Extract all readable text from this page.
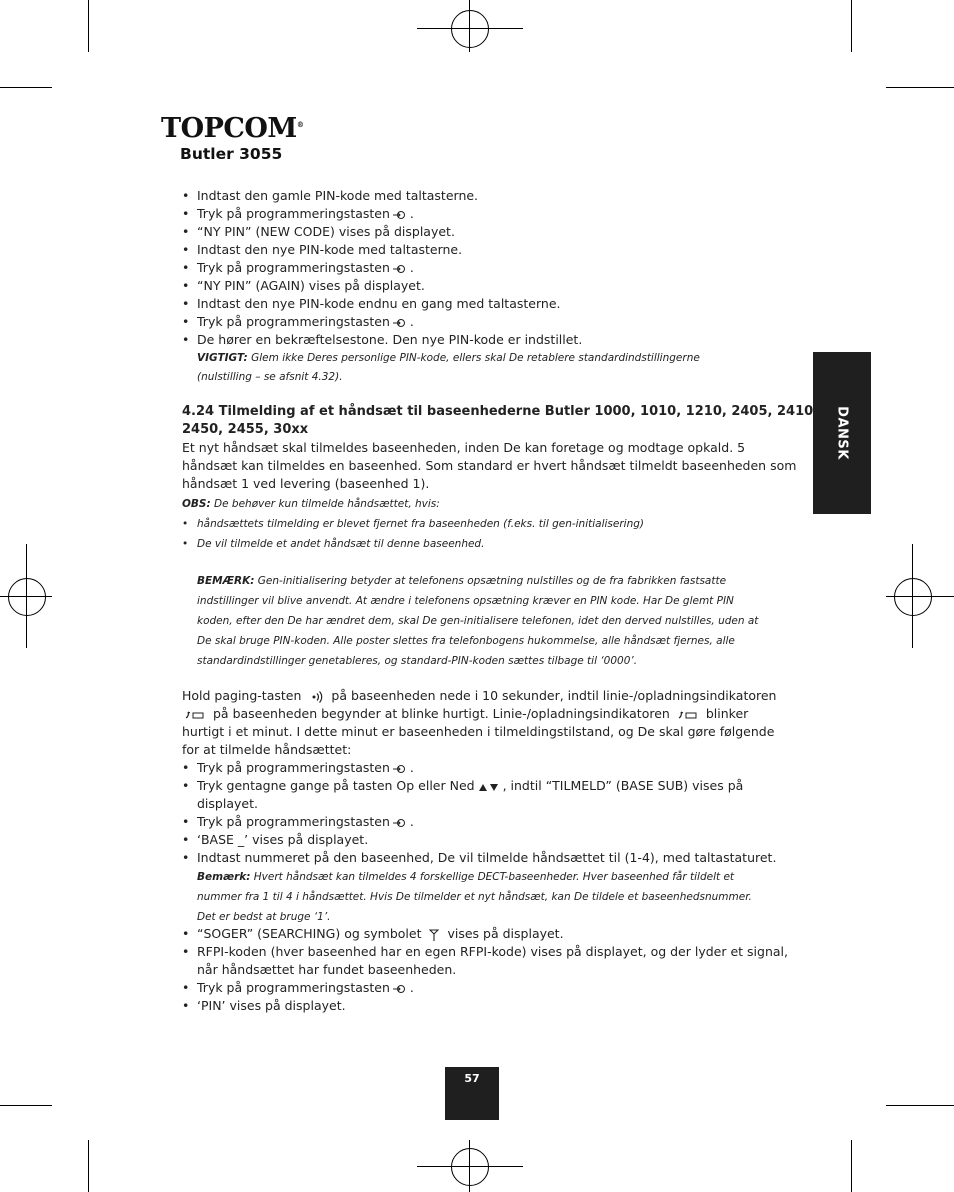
TOPCOM®
Butler 3055
DANSK
• Indtast den gamle PIN-kode med taltasterne.
• Tryk på programmeringstasten .
• “NY PIN” (NEW CODE) vises på displayet.
• Indtast den nye PIN-kode med taltasterne.
• Tryk på programmeringstasten .
• “NY PIN” (AGAIN) vises på displayet.
• Indtast den nye PIN-kode endnu en gang med taltasterne.
• Tryk på programmeringstasten .
• De hører en bekræftelsestone. Den nye PIN-kode er indstillet.
VIGTIGT: Glem ikke Deres personlige PIN-kode, ellers skal De retablere standardindstillingerne
(nulstilling – se afsnit 4.32).
4.24 Tilmelding af et håndsæt til baseenhederne Butler 1000, 1010, 1210, 2405, 2410,
2450, 2455, 30xx
Et nyt håndsæt skal tilmeldes baseenheden, inden De kan foretage og modtage opkald. 5
håndsæt kan tilmeldes en baseenhed. Som standard er hvert håndsæt tilmeldt baseenheden som
håndsæt 1 ved levering (baseenhed 1).
OBS: De behøver kun tilmelde håndsættet, hvis:
• håndsættets tilmelding er blevet fjernet fra baseenheden (f.eks. til gen-initialisering)
• De vil tilmelde et andet håndsæt til denne baseenhed.
BEMÆRK: Gen-initialisering betyder at telefonens opsætning nulstilles og de fra fabrikken fastsatte
indstillinger vil blive anvendt. At ændre i telefonens opsætning kræver en PIN kode. Har De glemt PIN
koden, efter den De har ændret dem, skal De gen-initialisere telefonen, idet den derved nulstilles, uden at
De skal bruge PIN-koden. Alle poster slettes fra telefonbogens hukommelse, alle håndsæt fjernes, alle
standardindstillinger genetableres, og standard-PIN-koden sættes tilbage til ‘0000’.
Hold paging-tasten på baseenheden nede i 10 sekunder, indtil linie-/opladningsindikatoren
på baseenheden begynder at blinke hurtigt. Linie-/opladningsindikatoren	blinker
hurtigt i et minut. I dette minut er baseenheden i tilmeldingstilstand, og De skal gøre følgende
for at tilmelde håndsættet:
• Tryk på programmeringstasten .
• Tryk gentagne gange på tasten Op eller Ned , indtil “TILMELD” (BASE SUB) vises på
displayet.
• Tryk på programmeringstasten .
• ‘BASE _’ vises på displayet.
• Indtast nummeret på den baseenhed, De vil tilmelde håndsættet til (1-4), med taltastaturet.
Bemærk: Hvert håndsæt kan tilmeldes 4 forskellige DECT-baseenheder. Hver baseenhed får tildelt et
nummer fra 1 til 4 i håndsættet. Hvis De tilmelder et nyt håndsæt, kan De tildele et baseenhedsnummer.
Det er bedst at bruge ‘1’.
• “SOGER” (SEARCHING) og symbolet vises på displayet.
• RFPI-koden (hver baseenhed har en egen RFPI-kode) vises på displayet, og der lyder et signal,
når håndsættet har fundet baseenheden.
• Tryk på programmeringstasten .
• ‘PIN’ vises på displayet.
57
